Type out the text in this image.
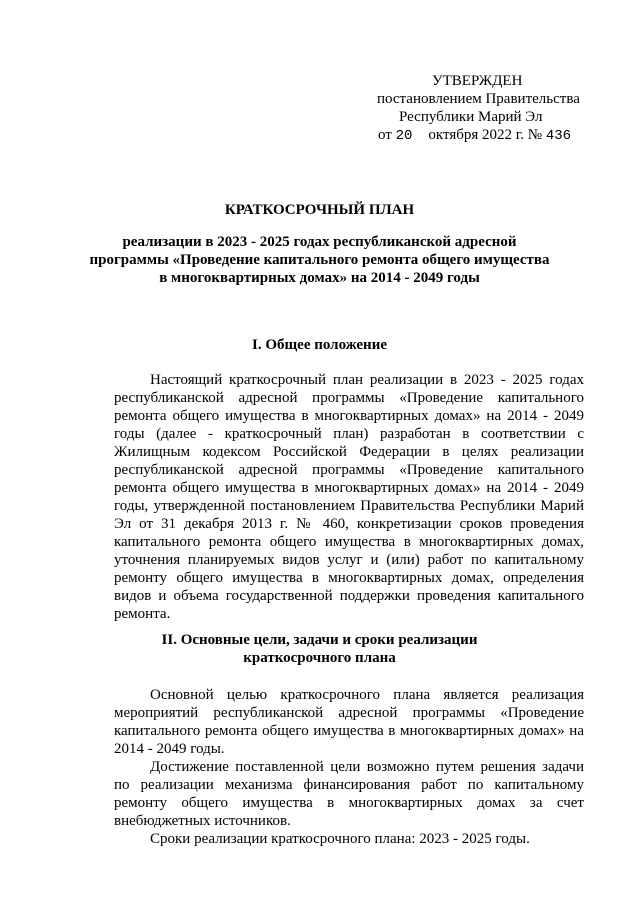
УТВЕРЖДЕН
постановлением Правительства
Республики Марий Эл
от 20 октября 2022 г. № 436
КРАТКОСРОЧНЫЙ ПЛАН
реализации в 2023 - 2025 годах республиканской адресной
программы «Проведение капитального ремонта общего имущества
в многоквартирных домах» на 2014 - 2049 годы
I. Общее положение

Настоящий краткосрочный план реализации в 2023 - 2025 годах республиканской адресной программы «Проведение капитального ремонта общего имущества в многоквартирных домах» на 2014 - 2049 годы (далее - краткосрочный план) разработан в соответствии с Жилищным кодексом Российской Федерации в целях реализации республиканской адресной программы «Проведение капитального ремонта общего имущества в многоквартирных домах» на 2014 - 2049 годы, утвержденной постановлением Правительства Республики Марий Эл от 31 декабря 2013 г. № 460, конкретизации сроков проведения капитального ремонта общего имущества в многоквартирных домах, уточнения планируемых видов услуг и (или) работ по капитальному ремонту общего имущества в многоквартирных домах, определения видов и объема государственной поддержки проведения капитального ремонта.

II. Основные цели, задачи и сроки реализации
краткосрочного плана

Основной целью краткосрочного плана является реализация мероприятий республиканской адресной программы «Проведение капитального ремонта общего имущества в многоквартирных домах» на 2014 - 2049 годы.

Достижение поставленной цели возможно путем решения задачи по реализации механизма финансирования работ по капитальному ремонту общего имущества в многоквартирных домах за счет внебюджетных источников.

Сроки реализации краткосрочного плана: 2023 - 2025 годы.
